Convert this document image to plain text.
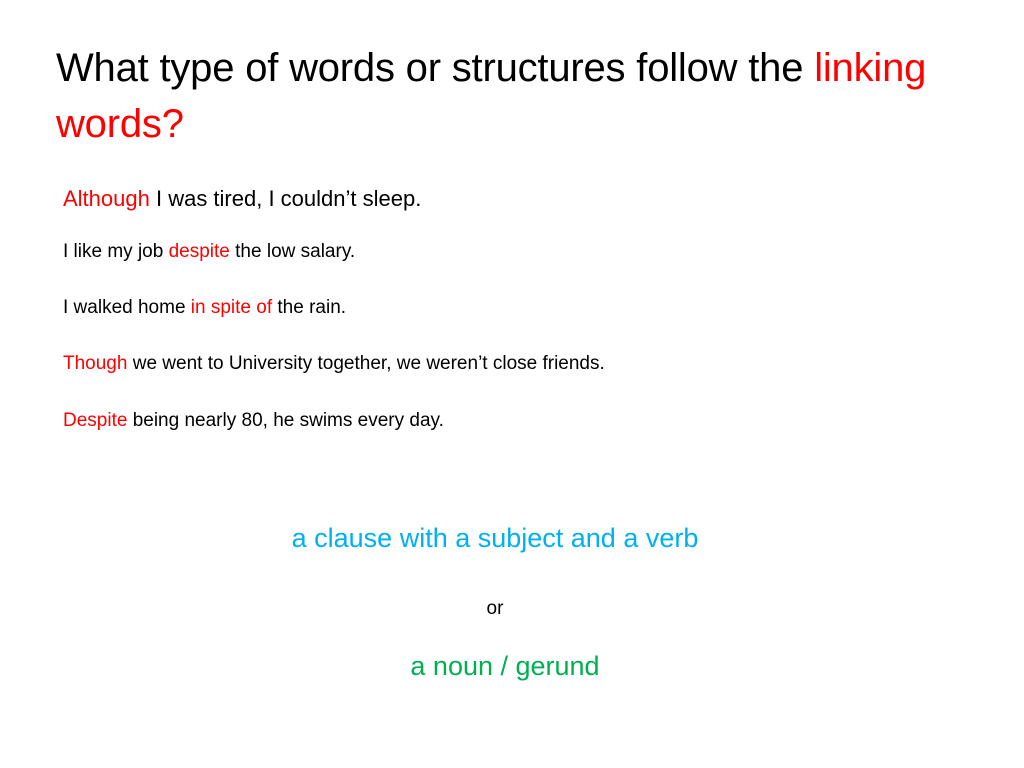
What type of words or structures follow the linking
words?

Although I was tired, I couldn’t sleep.

I like my job despite the low salary.

I walked home in spite of the rain.

Though we went to University together, we weren’t close friends.

Despite being nearly 80, he swims every day.

a clause with a subject and a verb

or

a noun / gerund
